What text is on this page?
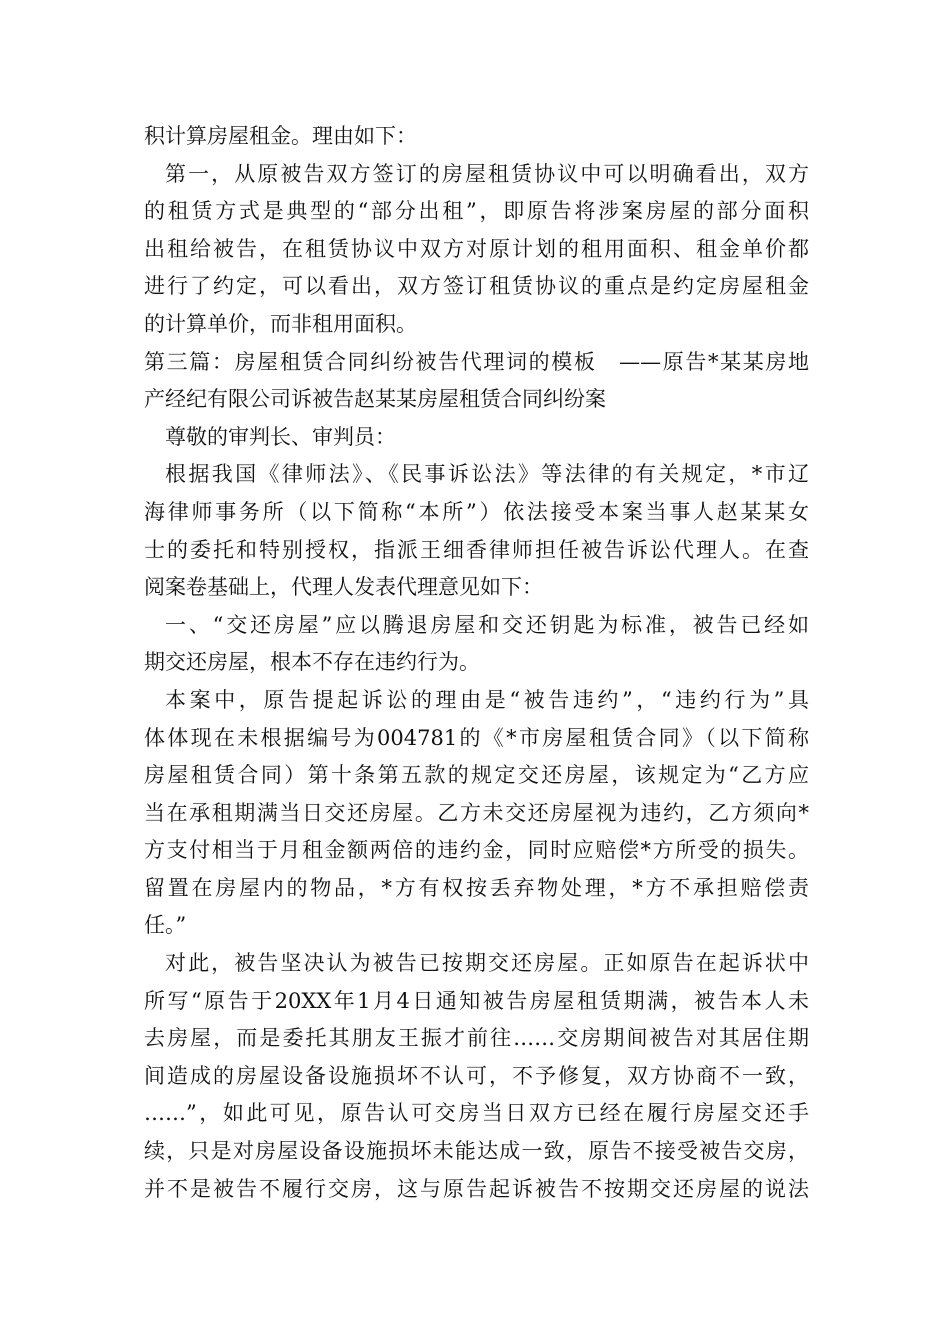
积计算房屋租金。理由如下：
第一，从原被告双方签订的房屋租赁协议中可以明确看出，双方
的租赁方式是典型的“部分出租”，即原告将涉案房屋的部分面积
出租给被告，在租赁协议中双方对原计划的租用面积、租金单价都
进行了约定，可以看出，双方签订租赁协议的重点是约定房屋租金
的计算单价，而非租用面积。
第三篇：房屋租赁合同纠纷被告代理词的模板　——原告*某某房地
产经纪有限公司诉被告赵某某房屋租赁合同纠纷案
尊敬的审判长、审判员：
根据我国《律师法》、《民事诉讼法》等法律的有关规定，*市辽
海律师事务所（以下简称“本所”）依法接受本案当事人赵某某女
士的委托和特别授权，指派王细香律师担任被告诉讼代理人。在查
阅案卷基础上，代理人发表代理意见如下：
一、“交还房屋”应以腾退房屋和交还钥匙为标准，被告已经如
期交还房屋，根本不存在违约行为。
本案中，原告提起诉讼的理由是“被告违约”，“违约行为”具
体体现在未根据编号为004781的《*市房屋租赁合同》（以下简称
房屋租赁合同）第十条第五款的规定交还房屋，该规定为“乙方应
当在承租期满当日交还房屋。乙方未交还房屋视为违约，乙方须向*
方支付相当于月租金额两倍的违约金，同时应赔偿*方所受的损失。
留置在房屋内的物品，*方有权按丢弃物处理，*方不承担赔偿责
任。”
对此，被告坚决认为被告已按期交还房屋。正如原告在起诉状中
所写“原告于20XX年1月4日通知被告房屋租赁期满，被告本人未
去房屋，而是委托其朋友王振才前往……交房期间被告对其居住期
间造成的房屋设备设施损坏不认可，不予修复，双方协商不一致，
……”，如此可见，原告认可交房当日双方已经在履行房屋交还手
续，只是对房屋设备设施损坏未能达成一致，原告不接受被告交房，
并不是被告不履行交房，这与原告起诉被告不按期交还房屋的说法
